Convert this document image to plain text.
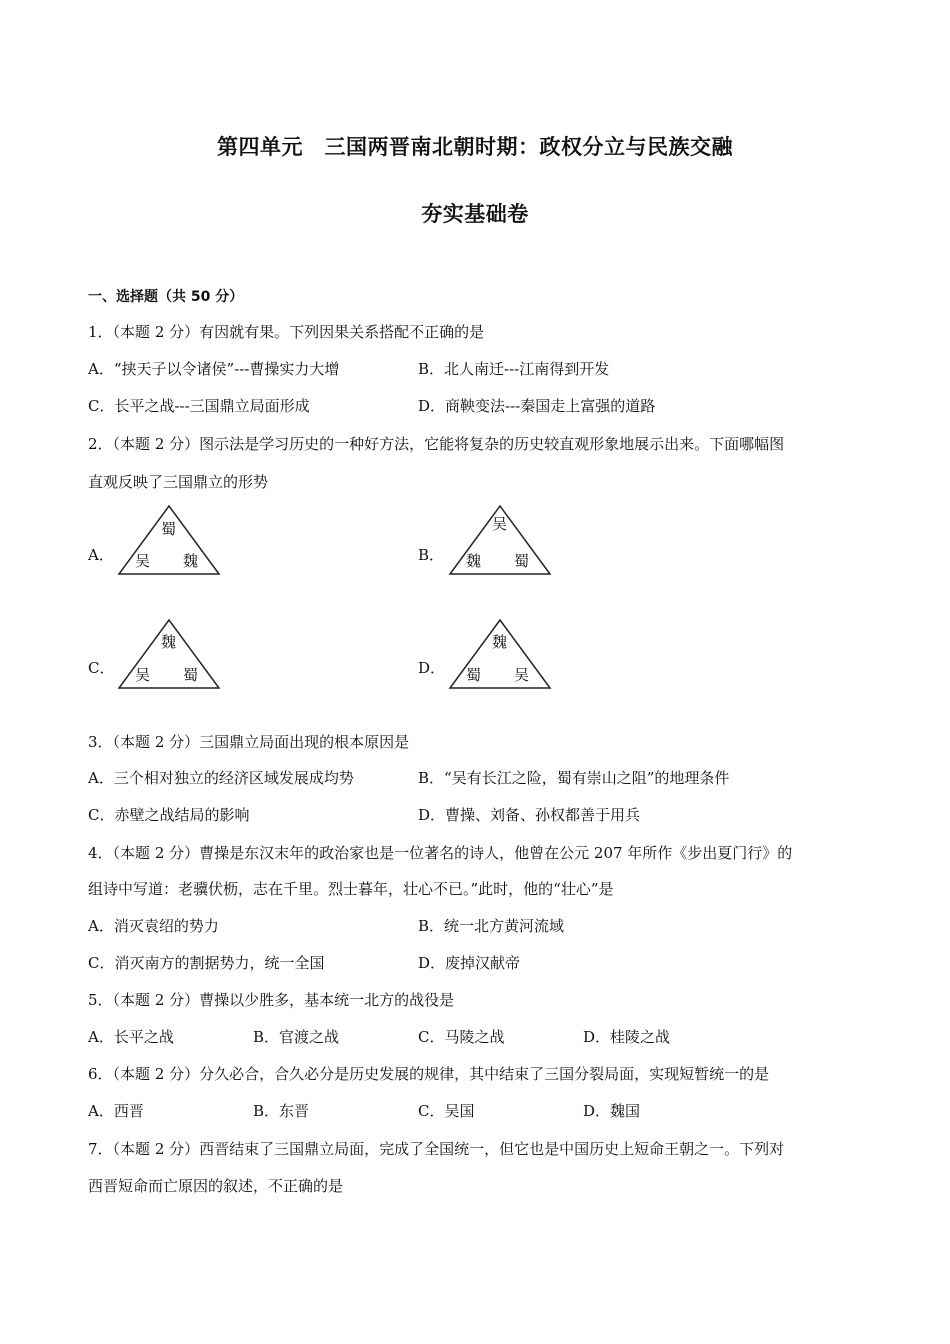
第四单元　三国两晋南北朝时期：政权分立与民族交融
夯实基础卷
一、选择题（共 50 分）
1．（本题 2 分）有因就有果。下列因果关系搭配不正确的是
A．“挟天子以令诸侯”---曹操实力大增	B．北人南迁---江南得到开发
C．长平之战---三国鼎立局面形成	D．商鞅变法---秦国走上富强的道路
2．（本题 2 分）图示法是学习历史的一种好方法，它能将复杂的历史较直观形象地展示出来。下面哪幅图
直观反映了三国鼎立的形势
A．
蜀
吴 魏	B．
吴
魏 蜀
C．
魏
吴 蜀	D．
魏
蜀 吴
3．（本题 2 分）三国鼎立局面出现的根本原因是
A．三个相对独立的经济区域发展成均势	B．“吴有长江之险，蜀有崇山之阻”的地理条件
C．赤壁之战结局的影响	D．曹操、刘备、孙权都善于用兵
4．（本题 2 分）曹操是东汉末年的政治家也是一位著名的诗人，他曾在公元 207 年所作《步出夏门行》的
组诗中写道：老骥伏枥，志在千里。烈士暮年，壮心不已。”此时，他的“壮心”是
A．消灭袁绍的势力	B．统一北方黄河流域
C．消灭南方的割据势力，统一全国	D．废掉汉献帝
5．（本题 2 分）曹操以少胜多，基本统一北方的战役是
A．长平之战	B．官渡之战	C．马陵之战	D．桂陵之战
6．（本题 2 分）分久必合，合久必分是历史发展的规律，其中结束了三国分裂局面，实现短暂统一的是
A．西晋	B．东晋	C．吴国	D．魏国
7．（本题 2 分）西晋结束了三国鼎立局面，完成了全国统一，但它也是中国历史上短命王朝之一。下列对
西晋短命而亡原因的叙述，不正确的是
